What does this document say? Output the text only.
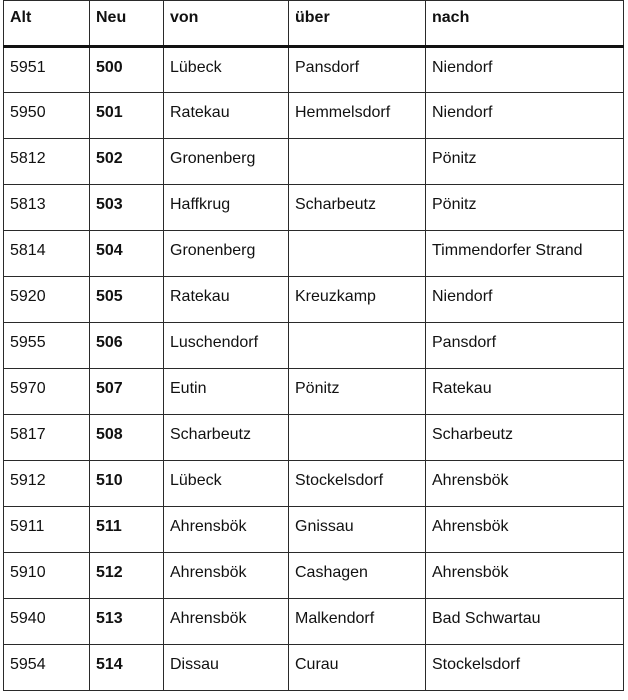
Alt	Neu	von	über	nach
5951	500	Lübeck	Pansdorf	Niendorf
5950	501	Ratekau	Hemmelsdorf	Niendorf
5812	502	Gronenberg		Pönitz
5813	503	Haffkrug	Scharbeutz	Pönitz
5814	504	Gronenberg		Timmendorfer Strand
5920	505	Ratekau	Kreuzkamp	Niendorf
5955	506	Luschendorf		Pansdorf
5970	507	Eutin	Pönitz	Ratekau
5817	508	Scharbeutz		Scharbeutz
5912	510	Lübeck	Stockelsdorf	Ahrensbök
5911	511	Ahrensbök	Gnissau	Ahrensbök
5910	512	Ahrensbök	Cashagen	Ahrensbök
5940	513	Ahrensbök	Malkendorf	Bad Schwartau
5954	514	Dissau	Curau	Stockelsdorf
